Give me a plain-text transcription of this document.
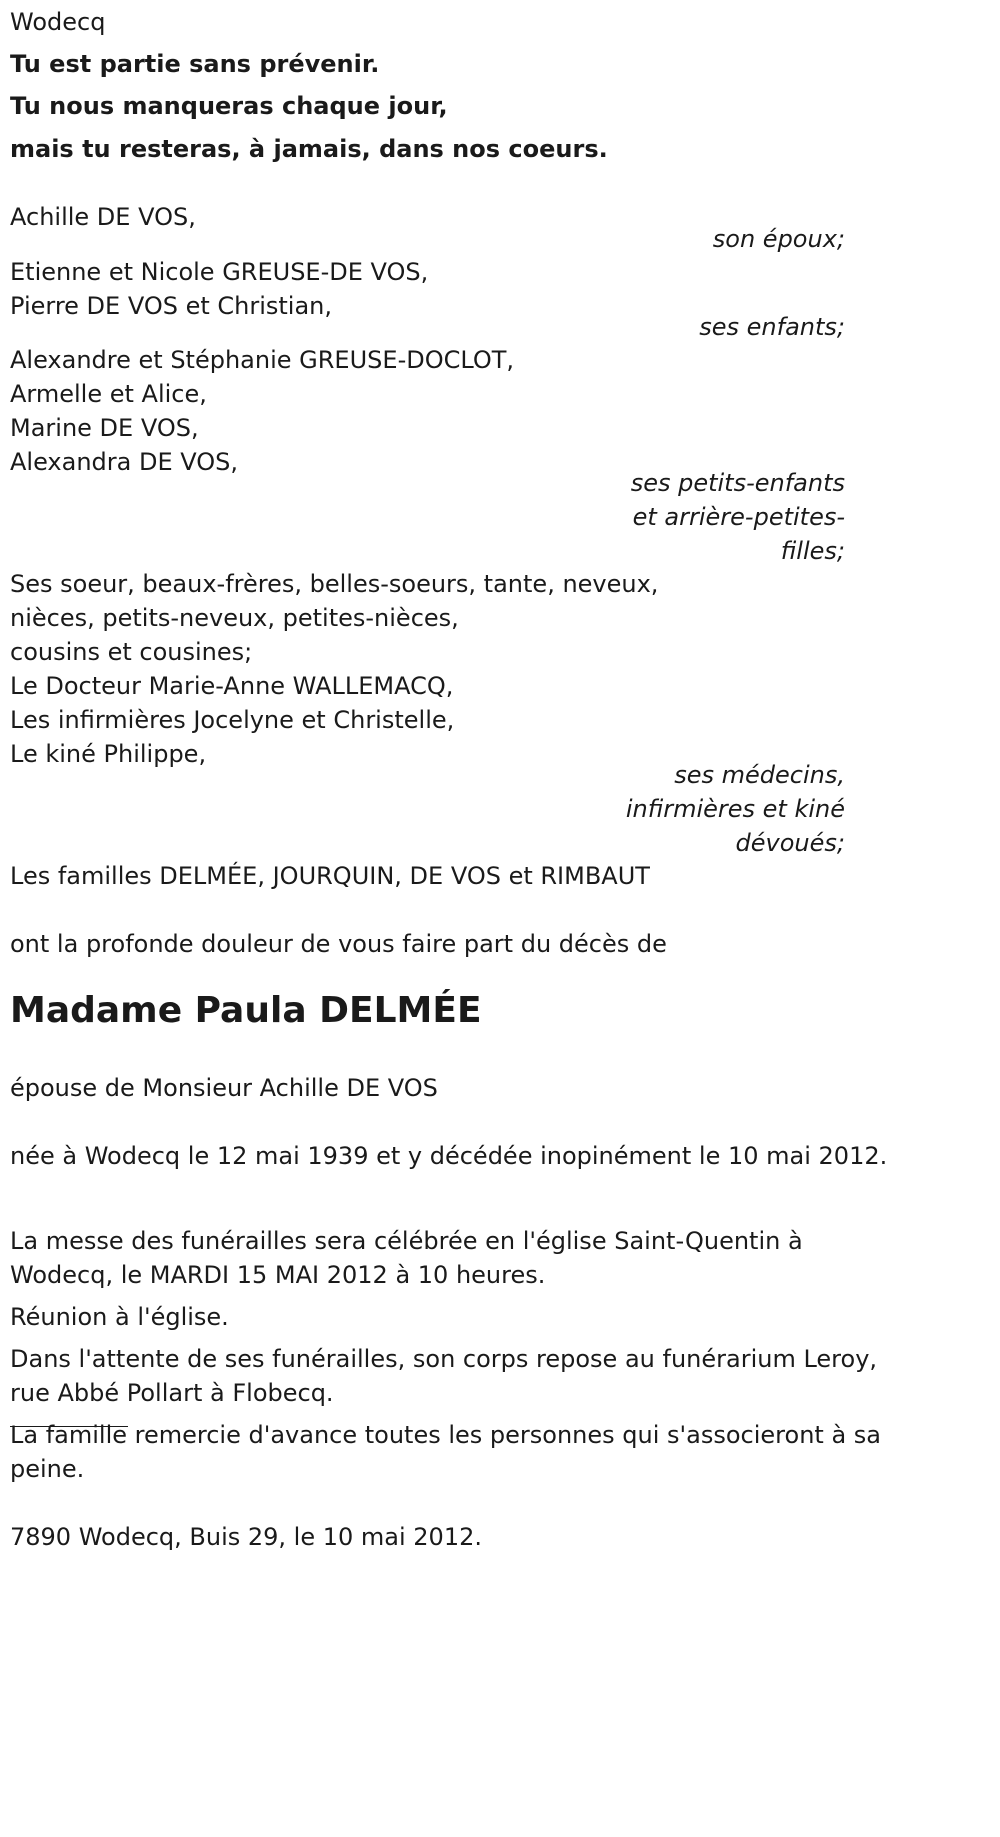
Wodecq
Tu est partie sans prévenir.
Tu nous manqueras chaque jour,
mais tu resteras, à jamais, dans nos coeurs.
Achille DE VOS,
son époux;
Etienne et Nicole GREUSE-DE VOS,
Pierre DE VOS et Christian,
ses enfants;
Alexandre et Stéphanie GREUSE-DOCLOT,
Armelle et Alice,
Marine DE VOS,
Alexandra DE VOS,
ses petits-enfants
et arrière-petites-
filles;
Ses soeur, beaux-frères, belles-soeurs, tante, neveux,
nièces, petits-neveux, petites-nièces,
cousins et cousines;
Le Docteur Marie-Anne WALLEMACQ,
Les infirmières Jocelyne et Christelle,
Le kiné Philippe,
ses médecins,
infirmières et kiné
dévoués;
Les familles DELMÉE, JOURQUIN, DE VOS et RIMBAUT
ont la profonde douleur de vous faire part du décès de
Madame Paula DELMÉE
épouse de Monsieur Achille DE VOS
née à Wodecq le 12 mai 1939 et y décédée inopinément le 10 mai 2012.
La messe des funérailles sera célébrée en l'église Saint-Quentin à
Wodecq, le MARDI 15 MAI 2012 à 10 heures.
Réunion à l'église.
Dans l'attente de ses funérailles, son corps repose au funérarium Leroy,
rue Abbé Pollart à Flobecq.
La famille remercie d'avance toutes les personnes qui s'associeront à sa
peine.
7890 Wodecq, Buis 29, le 10 mai 2012.
